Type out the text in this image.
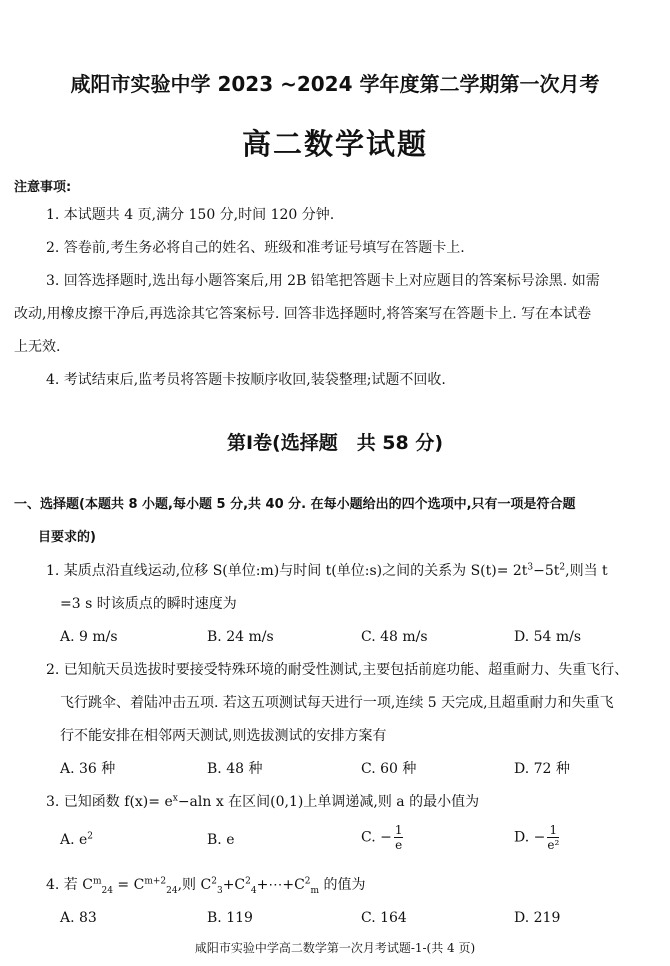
咸阳市实验中学 2023 ~2024 学年度第二学期第一次月考
高二数学试题
注意事项:
1. 本试题共 4 页,满分 150 分,时间 120 分钟.
2. 答卷前,考生务必将自己的姓名、班级和准考证号填写在答题卡上.
3. 回答选择题时,选出每小题答案后,用 2B 铅笔把答题卡上对应题目的答案标号涂黑. 如需
改动,用橡皮擦干净后,再选涂其它答案标号. 回答非选择题时,将答案写在答题卡上. 写在本试卷
上无效.
4. 考试结束后,监考员将答题卡按顺序收回,装袋整理;试题不回收.
第Ⅰ卷(选择题　共 58 分)
一、选择题(本题共 8 小题,每小题 5 分,共 40 分. 在每小题给出的四个选项中,只有一项是符合题
目要求的)
1. 某质点沿直线运动,位移 S(单位:m)与时间 t(单位:s)之间的关系为 $S(t)= 2t^3-5t^2$,则当 t
=3 s 时该质点的瞬时速度为
A. 9 m/s	B. 24 m/s	C. 48 m/s	D. 54 m/s
2. 已知航天员选拔时要接受特殊环境的耐受性测试,主要包括前庭功能、超重耐力、失重飞行、
飞行跳伞、着陆冲击五项. 若这五项测试每天进行一项,连续 5 天完成,且超重耐力和失重飞
行不能安排在相邻两天测试,则选拔测试的安排方案有
A. 36 种	B. 48 种	C. 60 种	D. 72 种
3. 已知函数 $f(x)= e^x-aln$ x 在区间(0,1)上单调递减,则 a 的最小值为
A. $e^2$	B. e	C. − $\frac{1}{e}$	D. − $\frac{1}{\text{e²}}$
4. 若 $C^m_{24} = C^{m+2}_{24}$,则 $C^2_3+C^2_4+\cdots+C^2_m$ 的值为
A. 83	B. 119	C. 164	D. 219
咸阳市实验中学高二数学第一次月考试题-1-(共 4 页)
